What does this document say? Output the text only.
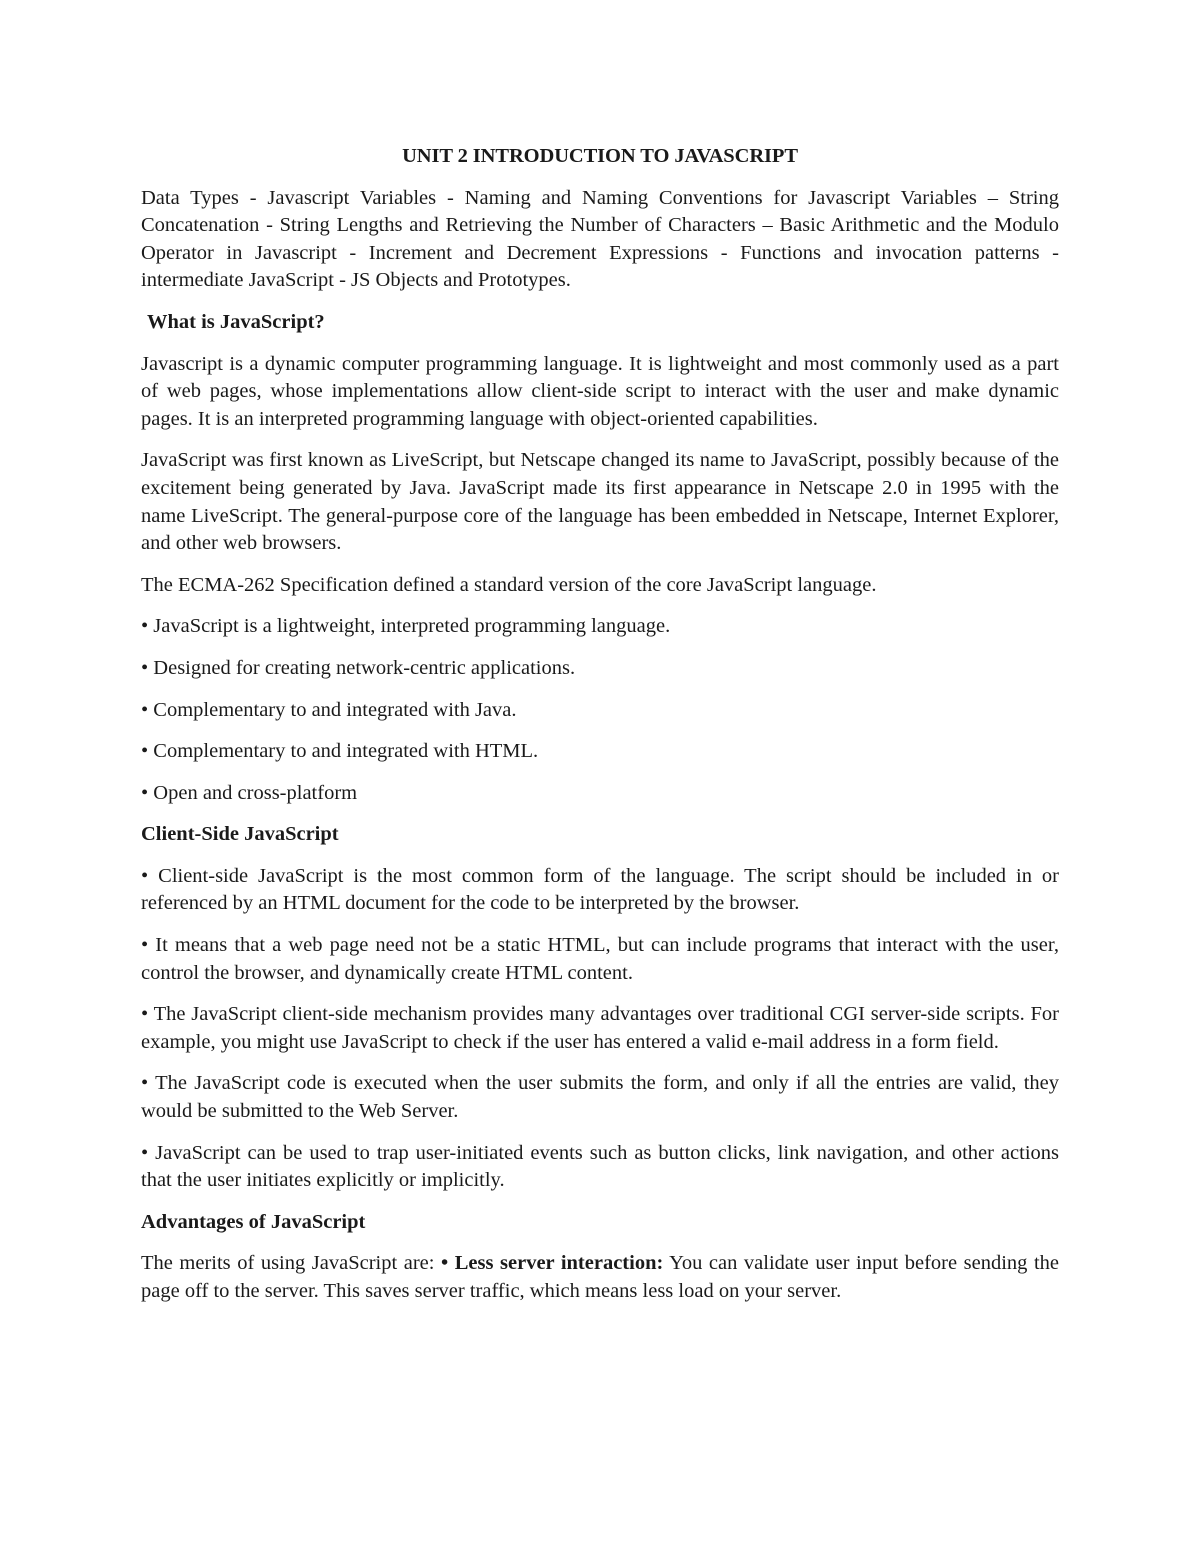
UNIT 2 INTRODUCTION TO JAVASCRIPT

Data Types - Javascript Variables - Naming and Naming Conventions for Javascript Variables – String Concatenation - String Lengths and Retrieving the Number of Characters – Basic Arithmetic and the Modulo Operator in Javascript - Increment and Decrement Expressions - Functions and invocation patterns - intermediate JavaScript - JS Objects and Prototypes.

What is JavaScript?

Javascript is a dynamic computer programming language. It is lightweight and most commonly used as a part of web pages, whose implementations allow client-side script to interact with the user and make dynamic pages. It is an interpreted programming language with object-oriented capabilities.

JavaScript was first known as LiveScript, but Netscape changed its name to JavaScript, possibly because of the excitement being generated by Java. JavaScript made its first appearance in Netscape 2.0 in 1995 with the name LiveScript. The general-purpose core of the language has been embedded in Netscape, Internet Explorer, and other web browsers.

The ECMA-262 Specification defined a standard version of the core JavaScript language.

• JavaScript is a lightweight, interpreted programming language.
• Designed for creating network-centric applications.
• Complementary to and integrated with Java.
• Complementary to and integrated with HTML.
• Open and cross-platform
Client-Side JavaScript
• Client-side JavaScript is the most common form of the language. The script should be included in or referenced by an HTML document for the code to be interpreted by the browser.
• It means that a web page need not be a static HTML, but can include programs that interact with the user, control the browser, and dynamically create HTML content.
• The JavaScript client-side mechanism provides many advantages over traditional CGI server-side scripts. For example, you might use JavaScript to check if the user has entered a valid e-mail address in a form field.
• The JavaScript code is executed when the user submits the form, and only if all the entries are valid, they would be submitted to the Web Server.
• JavaScript can be used to trap user-initiated events such as button clicks, link navigation, and other actions that the user initiates explicitly or implicitly.
Advantages of JavaScript

The merits of using JavaScript are: • Less server interaction: You can validate user input before sending the page off to the server. This saves server traffic, which means less load on your server.
